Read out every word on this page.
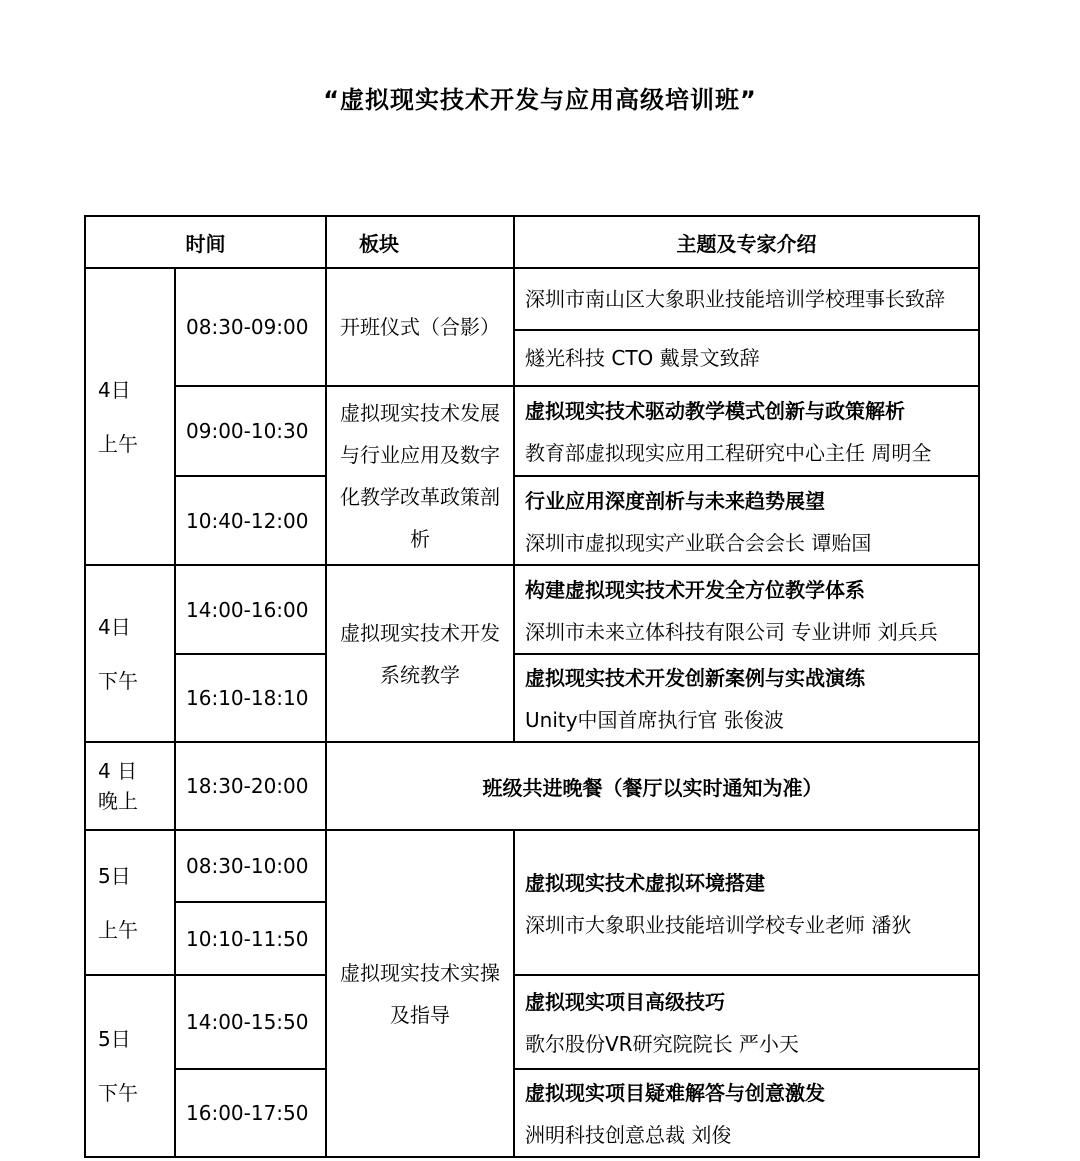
“虚拟现实技术开发与应用高级培训班”
时间		板块	主题及专家介绍

4日
上午	08:30-09:00	开班仪式（合影）	深圳市南山区大象职业技能培训学校理事长致辞
			燧光科技 CTO 戴景文致辞
	09:00-10:30	虚拟现实技术发展与行业应用及数字化教学改革政策剖析	虚拟现实技术驱动教学模式创新与政策解析
教育部虚拟现实应用工程研究中心主任 周明全

	10:40-12:00		行业应用深度剖析与未来趋势展望
深圳市虚拟现实产业联合会会长 谭贻国

4日
下午	14:00-16:00	虚拟现实技术开发系统教学	构建虚拟现实技术开发全方位教学体系
深圳市未来立体科技有限公司 专业讲师 刘兵兵

	16:10-18:10		虚拟现实技术开发创新案例与实战演练
Unity中国首席执行官 张俊波

4 日
晚上	18:30-20:00	班级共进晚餐（餐厅以实时通知为准）	

5日
上午	08:30-10:00	虚拟现实技术实操及指导	虚拟现实技术虚拟环境搭建
深圳市大象职业技能培训学校专业老师 潘狄

	10:10-11:50		

5日
下午	14:00-15:50		虚拟现实项目高级技巧
歌尔股份VR研究院院长 严小天

	16:00-17:50		虚拟现实项目疑难解答与创意激发
洲明科技创意总裁 刘俊
